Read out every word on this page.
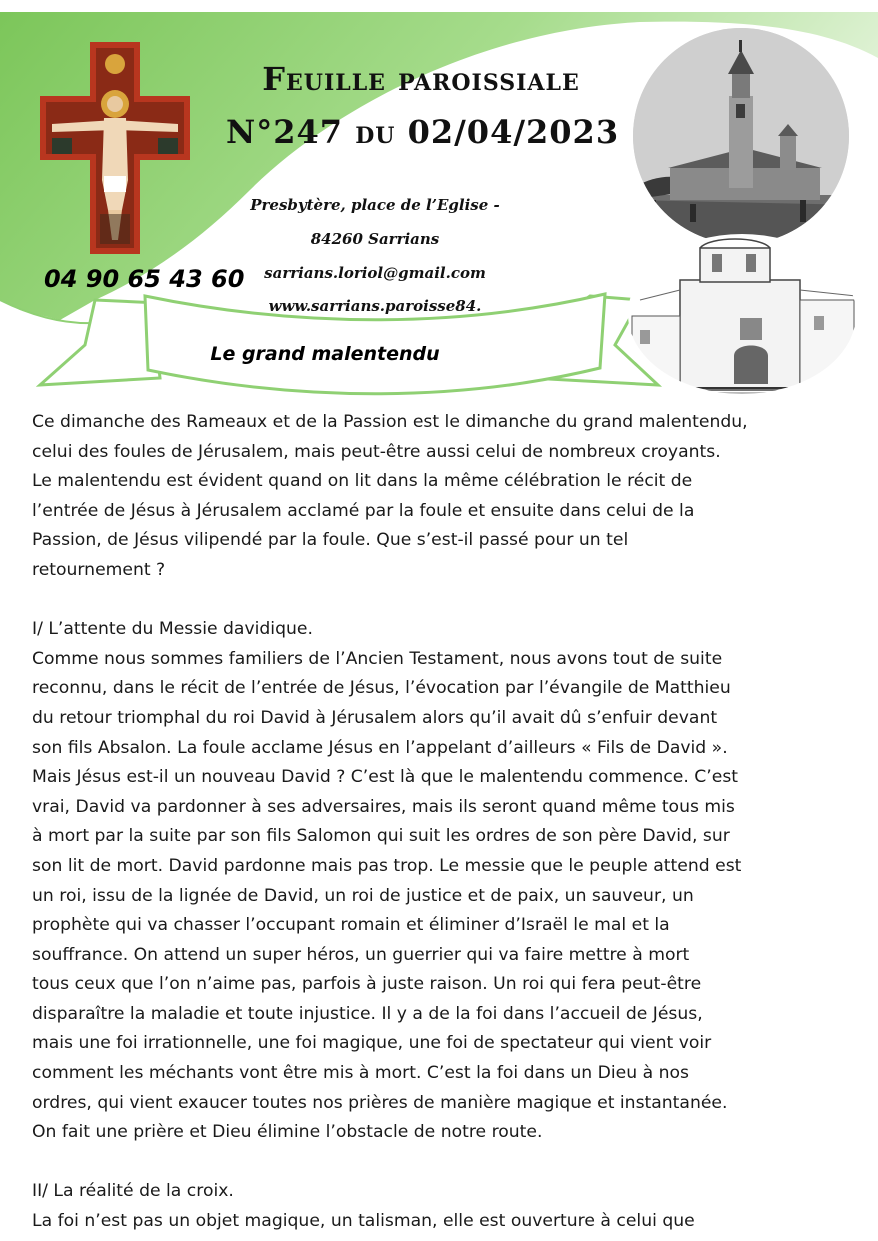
Feuille paroissiale
N°247 du 02/04/2023
Presbytère, place de l’Eglise -
84260 Sarrians
sarrians.loriol@gmail.com
www.sarrians.paroisse84.
04 90 65 43 60
Le grand malentendu

Ce dimanche des Rameaux et de la Passion est le dimanche du grand malentendu,

celui des foules de Jérusalem, mais peut-être aussi celui de nombreux croyants.

Le malentendu est évident quand on lit dans la même célébration le récit de

l’entrée de Jésus à Jérusalem acclamé par la foule et ensuite dans celui de la

Passion, de Jésus vilipendé par la foule. Que s’est-il passé pour un tel

retournement ?

I/ L’attente du Messie davidique.

Comme nous sommes familiers de l’Ancien Testament, nous avons tout de suite

reconnu, dans le récit de l’entrée de Jésus, l’évocation par l’évangile de Matthieu

du retour triomphal du roi David à Jérusalem alors qu’il avait dû s’enfuir devant

son fils Absalon. La foule acclame Jésus en l’appelant d’ailleurs « Fils de David ».

Mais Jésus est-il un nouveau David ? C’est là que le malentendu commence. C’est

vrai, David va pardonner à ses adversaires, mais ils seront quand même tous mis

à mort par la suite par son fils Salomon qui suit les ordres de son père David, sur

son lit de mort. David pardonne mais pas trop. Le messie que le peuple attend est

un roi, issu de la lignée de David, un roi de justice et de paix, un sauveur, un

prophète qui va chasser l’occupant romain et éliminer d’Israël le mal et la

souffrance. On attend un super héros, un guerrier qui va faire mettre à mort

tous ceux que l’on n’aime pas, parfois à juste raison. Un roi qui fera peut-être

disparaître la maladie et toute injustice. Il y a de la foi dans l’accueil de Jésus,

mais une foi irrationnelle, une foi magique, une foi de spectateur qui vient voir

comment les méchants vont être mis à mort. C’est la foi dans un Dieu à nos

ordres, qui vient exaucer toutes nos prières de manière magique et instantanée.

On fait une prière et Dieu élimine l’obstacle de notre route.

II/ La réalité de la croix.

La foi n’est pas un objet magique, un talisman, elle est ouverture à celui que
